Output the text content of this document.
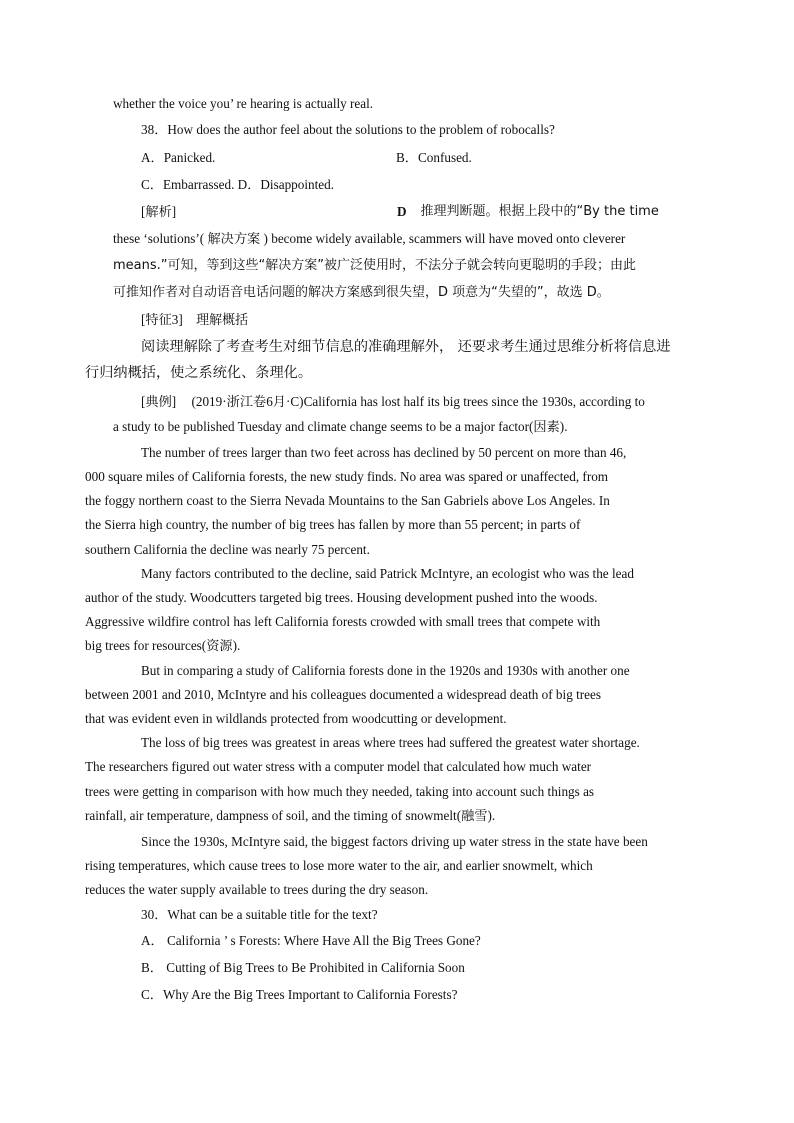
whether the voice you’ re hearing is actually real.

38．How does the author feel about the solutions to the problem of robocalls?

A．Panicked.	B．Confused.
C．Embarrassed. D．Disappointed.
[解析]	D 推理判断题。根据上段中的“By the time

these ‘solutions’( 解决方案 ) become widely available, scammers will have moved onto cleverer

means.”可知，等到这些“解决方案”被广泛使用时，不法分子就会转向更聪明的手段；由此

可推知作者对自动语音电话问题的解决方案感到很失望，D 项意为“失望的”，故选 D。

[特征3] 理解概括

阅读理解除了考查考生对细节信息的准确理解外， 还要求考生通过思维分析将信息进
行归纳概括，使之系统化、条理化。

[典例] (2019·浙江卷6月·C)California has lost half its big trees since the 1930s, according to

a study to be published Tuesday and climate change seems to be a major factor(因素).

The number of trees larger than two feet across has declined by 50 percent on more than 46,
000 square miles of California forests, the new study finds. No area was spared or unaffected, from
the foggy northern coast to the Sierra Nevada Mountains to the San Gabriels above Los Angeles. In
the Sierra high country, the number of big trees has fallen by more than 55 percent; in parts of
southern California the decline was nearly 75 percent.

Many factors contributed to the decline, said Patrick McIntyre, an ecologist who was the lead
author of the study. Woodcutters targeted big trees. Housing development pushed into the woods.
Aggressive wildfire control has left California forests crowded with small trees that compete with
big trees for resources(资源).

But in comparing a study of California forests done in the 1920s and 1930s with another one
between 2001 and 2010, McIntyre and his colleagues documented a widespread death of big trees
that was evident even in wildlands protected from woodcutting or development.

The loss of big trees was greatest in areas where trees had suffered the greatest water shortage.
The researchers figured out water stress with a computer model that calculated how much water
trees were getting in comparison with how much they needed, taking into account such things as
rainfall, air temperature, dampness of soil, and the timing of snowmelt(融雪).

Since the 1930s, McIntyre said, the biggest factors driving up water stress in the state have been
rising temperatures, which cause trees to lose more water to the air, and earlier snowmelt, which
reduces the water supply available to trees during the dry season.

30．What can be a suitable title for the text?

A． California ’ s Forests: Where Have All the Big Trees Gone?
B． Cutting of Big Trees to Be Prohibited in California Soon
C．Why Are the Big Trees Important to California Forests?
